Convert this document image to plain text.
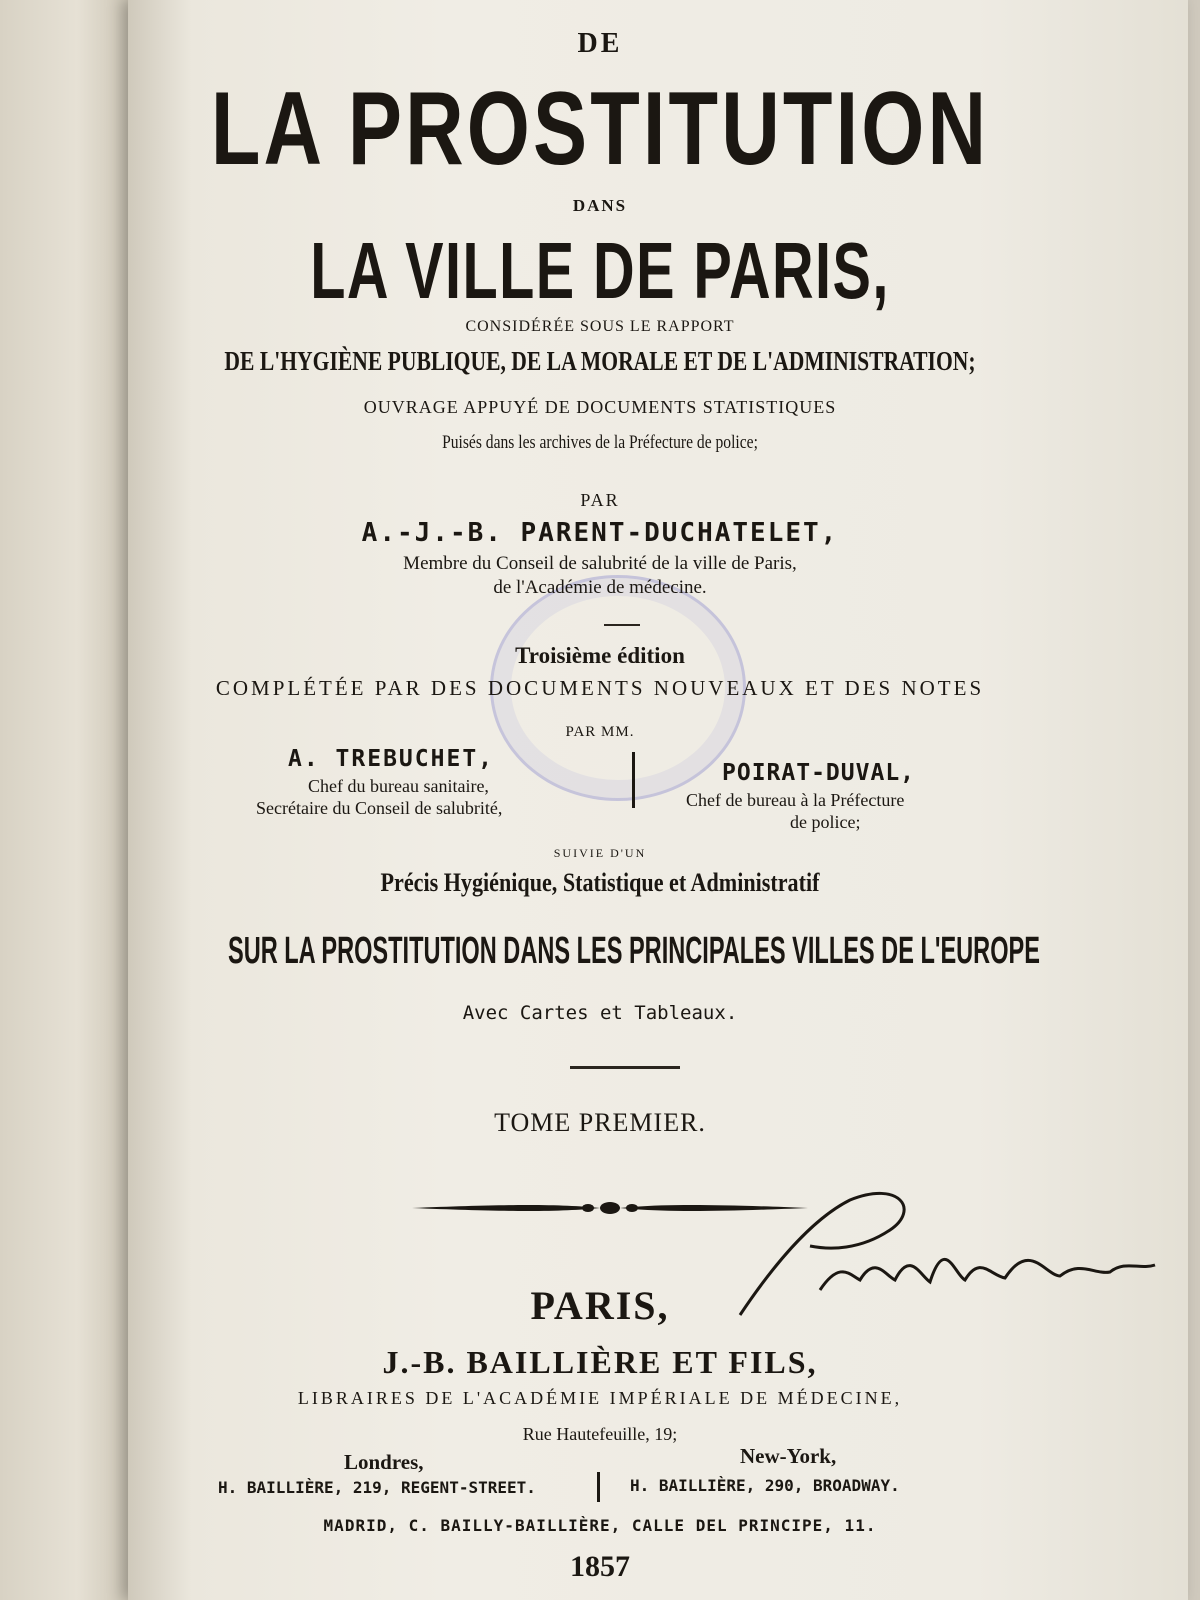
DE
LA PROSTITUTION
DANS
LA VILLE DE PARIS,
CONSIDÉRÉE SOUS LE RAPPORT
DE L'HYGIÈNE PUBLIQUE, DE LA MORALE ET DE L'ADMINISTRATION;
OUVRAGE APPUYÉ DE DOCUMENTS STATISTIQUES
Puisés dans les archives de la Préfecture de police;
PAR
A.-J.-B. PARENT-DUCHATELET,
Membre du Conseil de salubrité de la ville de Paris,
de l'Académie de médecine.
Troisième édition
COMPLÉTÉE PAR DES DOCUMENTS NOUVEAUX ET DES NOTES
PAR MM.
A. TREBUCHET,
Chef du bureau sanitaire,
Secrétaire du Conseil de salubrité,
POIRAT-DUVAL,
Chef de bureau à la Préfecture
de police;
SUIVIE D'UN
Précis Hygiénique, Statistique et Administratif
SUR LA PROSTITUTION DANS LES PRINCIPALES VILLES DE L'EUROPE
Avec Cartes et Tableaux.
TOME PREMIER.
PARIS,
J.-B. BAILLIÈRE ET FILS,
LIBRAIRES DE L'ACADÉMIE IMPÉRIALE DE MÉDECINE,
Rue Hautefeuille, 19;
Londres,	New-York,
H. BAILLIÈRE, 219, REGENT-STREET.	H. BAILLIÈRE, 290, BROADWAY.
MADRID, C. BAILLY-BAILLIÈRE, CALLE DEL PRINCIPE, 11.
1857
